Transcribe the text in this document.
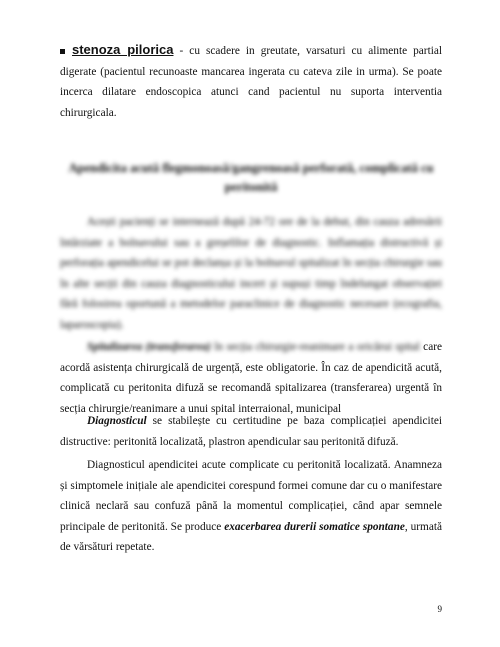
stenoza pilorica - cu scadere in greutate, varsaturi cu alimente partial digerate (pacientul recunoaste mancarea ingerata cu cateva zile in urma). Se poate incerca dilatare endoscopica atunci cand pacientul nu suporta interventia chirurgicala.

Apendicita acută flegmonoasă/gangrenoasă perforată, complicată cu peritonită

Acești pacienți se internează după 24-72 ore de la debut, din cauza adresării întârziate a bolnavului sau a greșelilor de diagnostic. Inflamația distructivă și perforația apendicelui se pot declanșa și la bolnavul spitalizat în secția chirurgie sau în alte secții din cauza diagnosticului incert și supuși timp îndelungat observației fără folosirea oportună a metodelor paraclinice de diagnostic necesare (ecografia, laparoscopia).

Spitalizarea (transferarea) în secția chirurgie-reanimare a oricărui spital care acordă asistența chirurgicală de urgență, este obligatorie. În caz de apendicită acută, complicată cu peritonita difuză se recomandă spitalizarea (transferarea) urgentă în secția chirurgie/reanimare a unui spital interraional, municipal

Diagnosticul se stabilește cu certitudine pe baza complicației apendicitei distructive: peritonită localizată, plastron apendicular sau peritonită difuză.

Diagnosticul apendicitei acute complicate cu peritonită localizată. Anamneza și simptomele inițiale ale apendicitei corespund formei comune dar cu o manifestare clinică neclară sau confuză până la momentul complicației, când apar semnele principale de peritonită. Se produce exacerbarea durerii somatice spontane, urmată de vărsături repetate.

9
